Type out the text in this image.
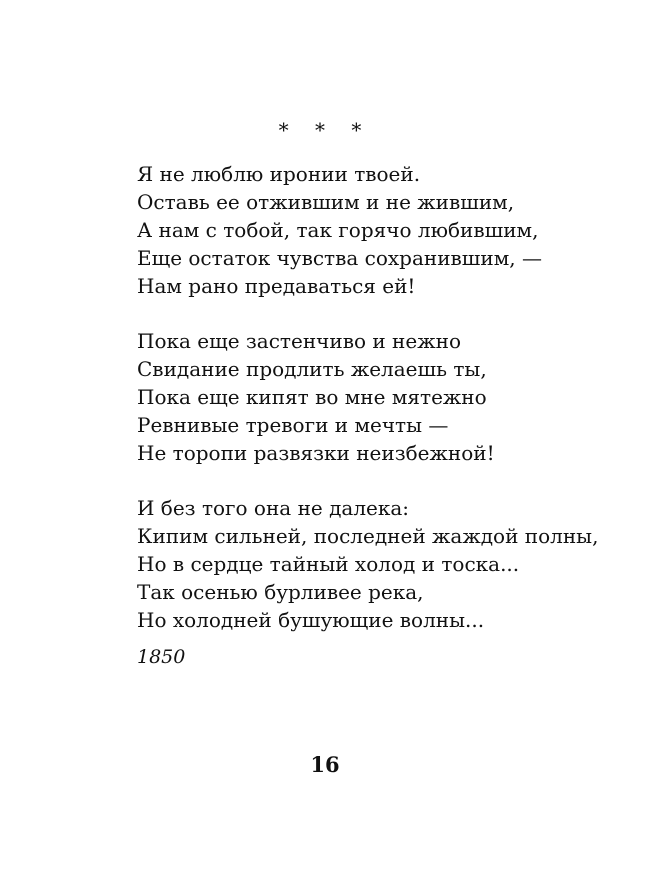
* * *
Я не люблю иронии твоей.
Оставь ее отжившим и не жившим,
А нам с тобой, так горячо любившим,
Еще остаток чувства сохранившим, —
Нам рано предаваться ей!
Пока еще застенчиво и нежно
Свидание продлить желаешь ты,
Пока еще кипят во мне мятежно
Ревнивые тревоги и мечты —
Не торопи развязки неизбежной!
И без того она не далека:
Кипим сильней, последней жаждой полны,
Но в сердце тайный холод и тоска...
Так осенью бурливее река,
Но холодней бушующие волны...
1850
16
